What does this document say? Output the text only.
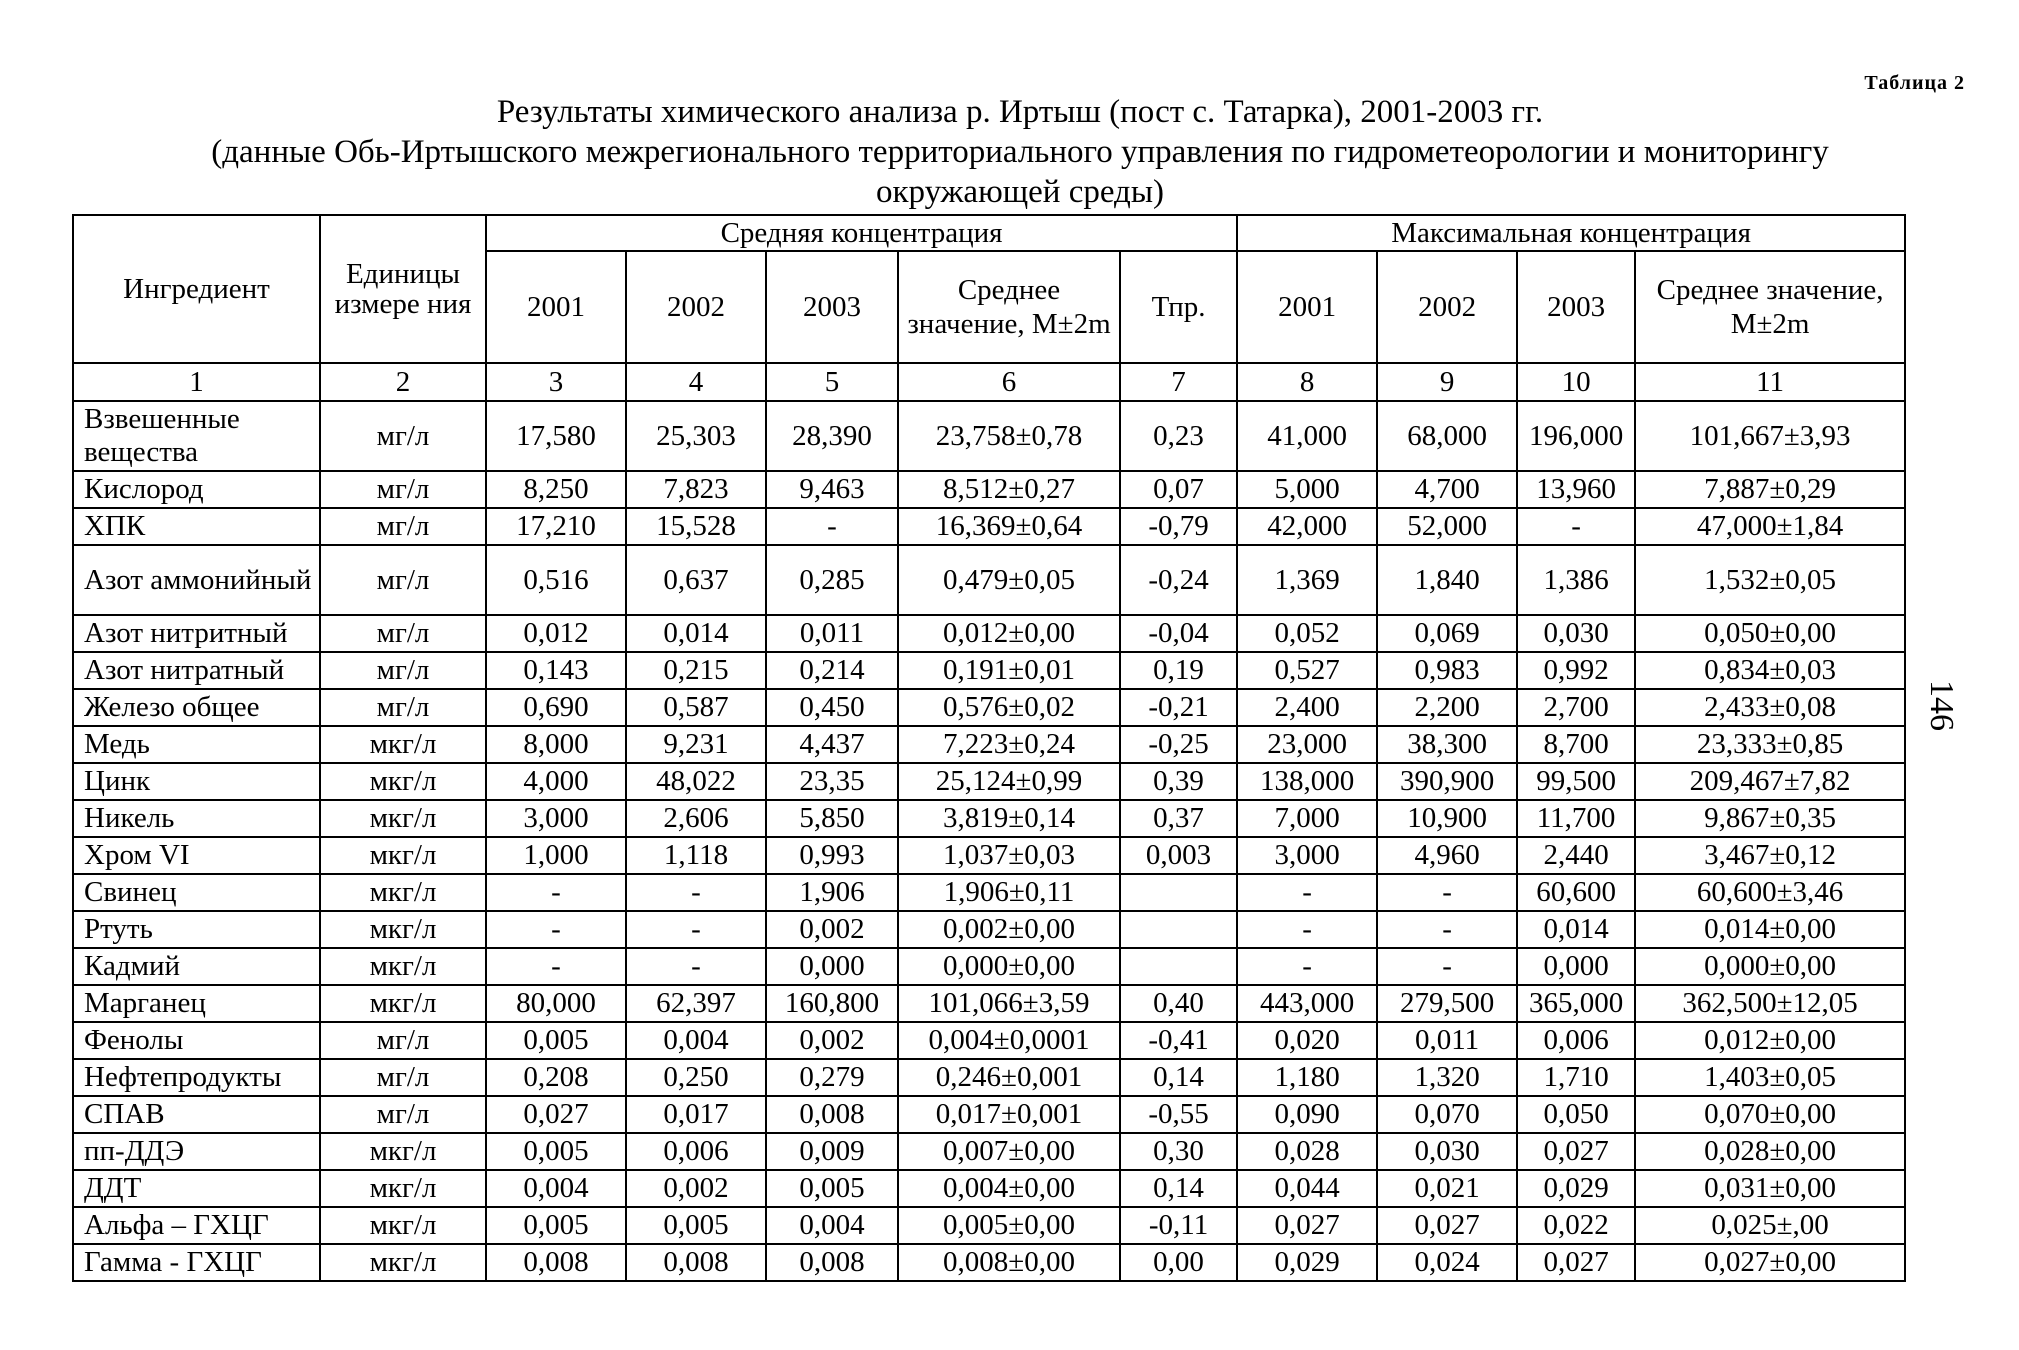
Таблица 2
146
Результаты химического анализа р. Иртыш (пост с. Татарка), 2001-2003 гг.
(данные Обь-Иртышского межрегионального территориального управления по гидрометеорологии и мониторингу
окружающей среды)
Ингредиент	Единицы измере ния	Средняя концентрация					Максимальная концентрация			
		2001	2002	2003	Среднее значение, М±2m	Тпр.	2001	2002	2003	Среднее значение, М±2m
1	2	3	4	5	6	7	8	9	10	11
Взвешенные вещества	мг/л	17,580	25,303	28,390	23,758±0,78	0,23	41,000	68,000	196,000	101,667±3,93
Кислород	мг/л	8,250	7,823	9,463	8,512±0,27	0,07	5,000	4,700	13,960	7,887±0,29
ХПК	мг/л	17,210	15,528	-	16,369±0,64	-0,79	42,000	52,000	-	47,000±1,84
Азот аммонийный	мг/л	0,516	0,637	0,285	0,479±0,05	-0,24	1,369	1,840	1,386	1,532±0,05
Азот нитритный	мг/л	0,012	0,014	0,011	0,012±0,00	-0,04	0,052	0,069	0,030	0,050±0,00
Азот нитратный	мг/л	0,143	0,215	0,214	0,191±0,01	0,19	0,527	0,983	0,992	0,834±0,03
Железо общее	мг/л	0,690	0,587	0,450	0,576±0,02	-0,21	2,400	2,200	2,700	2,433±0,08
Медь	мкг/л	8,000	9,231	4,437	7,223±0,24	-0,25	23,000	38,300	8,700	23,333±0,85
Цинк	мкг/л	4,000	48,022	23,35	25,124±0,99	0,39	138,000	390,900	99,500	209,467±7,82
Никель	мкг/л	3,000	2,606	5,850	3,819±0,14	0,37	7,000	10,900	11,700	9,867±0,35
Хром VI	мкг/л	1,000	1,118	0,993	1,037±0,03	0,003	3,000	4,960	2,440	3,467±0,12
Свинец	мкг/л	-	-	1,906	1,906±0,11		-	-	60,600	60,600±3,46
Ртуть	мкг/л	-	-	0,002	0,002±0,00		-	-	0,014	0,014±0,00
Кадмий	мкг/л	-	-	0,000	0,000±0,00		-	-	0,000	0,000±0,00
Марганец	мкг/л	80,000	62,397	160,800	101,066±3,59	0,40	443,000	279,500	365,000	362,500±12,05
Фенолы	мг/л	0,005	0,004	0,002	0,004±0,0001	-0,41	0,020	0,011	0,006	0,012±0,00
Нефтепродукты	мг/л	0,208	0,250	0,279	0,246±0,001	0,14	1,180	1,320	1,710	1,403±0,05
СПАВ	мг/л	0,027	0,017	0,008	0,017±0,001	-0,55	0,090	0,070	0,050	0,070±0,00
пп-ДДЭ	мкг/л	0,005	0,006	0,009	0,007±0,00	0,30	0,028	0,030	0,027	0,028±0,00
ДДТ	мкг/л	0,004	0,002	0,005	0,004±0,00	0,14	0,044	0,021	0,029	0,031±0,00
Альфа – ГХЦГ	мкг/л	0,005	0,005	0,004	0,005±0,00	-0,11	0,027	0,027	0,022	0,025±,00
Гамма - ГХЦГ	мкг/л	0,008	0,008	0,008	0,008±0,00	0,00	0,029	0,024	0,027	0,027±0,00
